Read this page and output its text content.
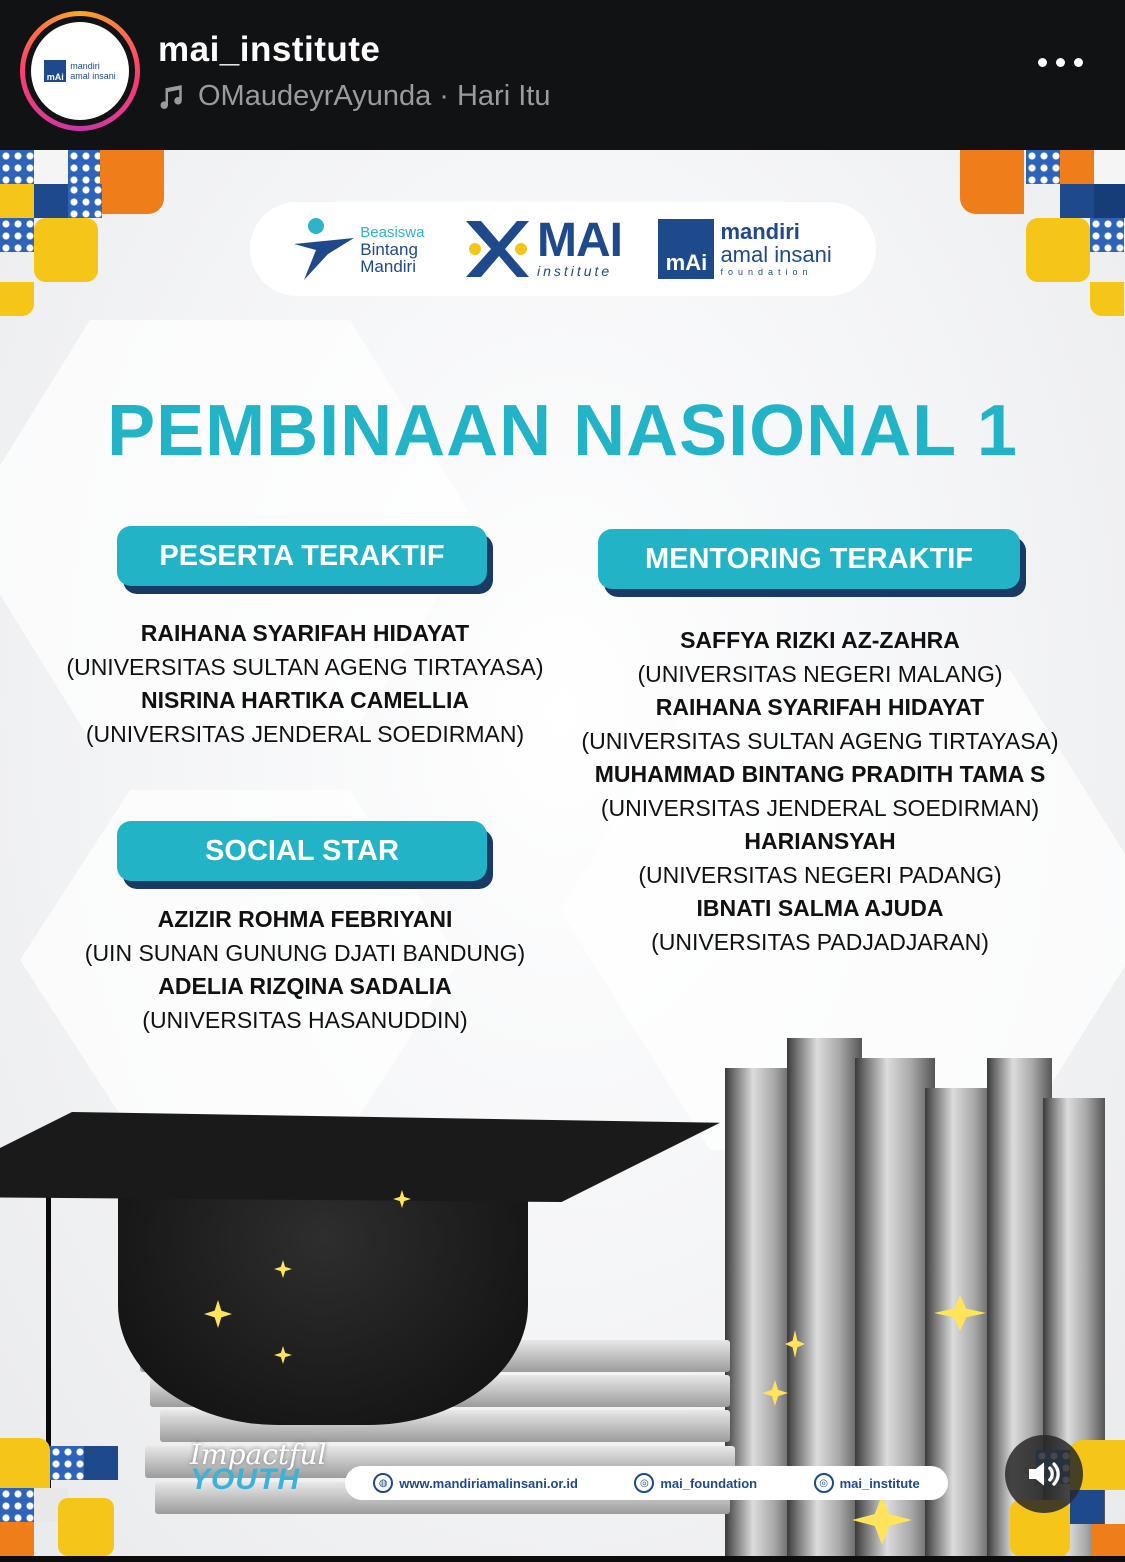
mAi
mandiri
amal insani
mai_institute
OMaudeyrAyunda · Hari Itu
Beasiswa
Bintang
Mandiri	MAI
institute	mAi
mandiri
amal insani
foundation
PEMBINAAN NASIONAL 1
PESERTA TERAKTIF
RAIHANA SYARIFAH HIDAYAT
(UNIVERSITAS SULTAN AGENG TIRTAYASA)
NISRINA HARTIKA CAMELLIA
(UNIVERSITAS JENDERAL SOEDIRMAN)
SOCIAL STAR
AZIZIR ROHMA FEBRIYANI
(UIN SUNAN GUNUNG DJATI BANDUNG)
ADELIA RIZQINA SADALIA
(UNIVERSITAS HASANUDDIN)
MENTORING TERAKTIF
SAFFYA RIZKI AZ-ZAHRA
(UNIVERSITAS NEGERI MALANG)
RAIHANA SYARIFAH HIDAYAT
(UNIVERSITAS SULTAN AGENG TIRTAYASA)
MUHAMMAD BINTANG PRADITH TAMA S
(UNIVERSITAS JENDERAL SOEDIRMAN)
HARIANSYAH
(UNIVERSITAS NEGERI PADANG)
IBNATI SALMA AJUDA
(UNIVERSITAS PADJADJARAN)
Impactful
YOUTH	◍ www.mandiriamalinsani.or.id	◎ mai_foundation	◎ mai_institute
